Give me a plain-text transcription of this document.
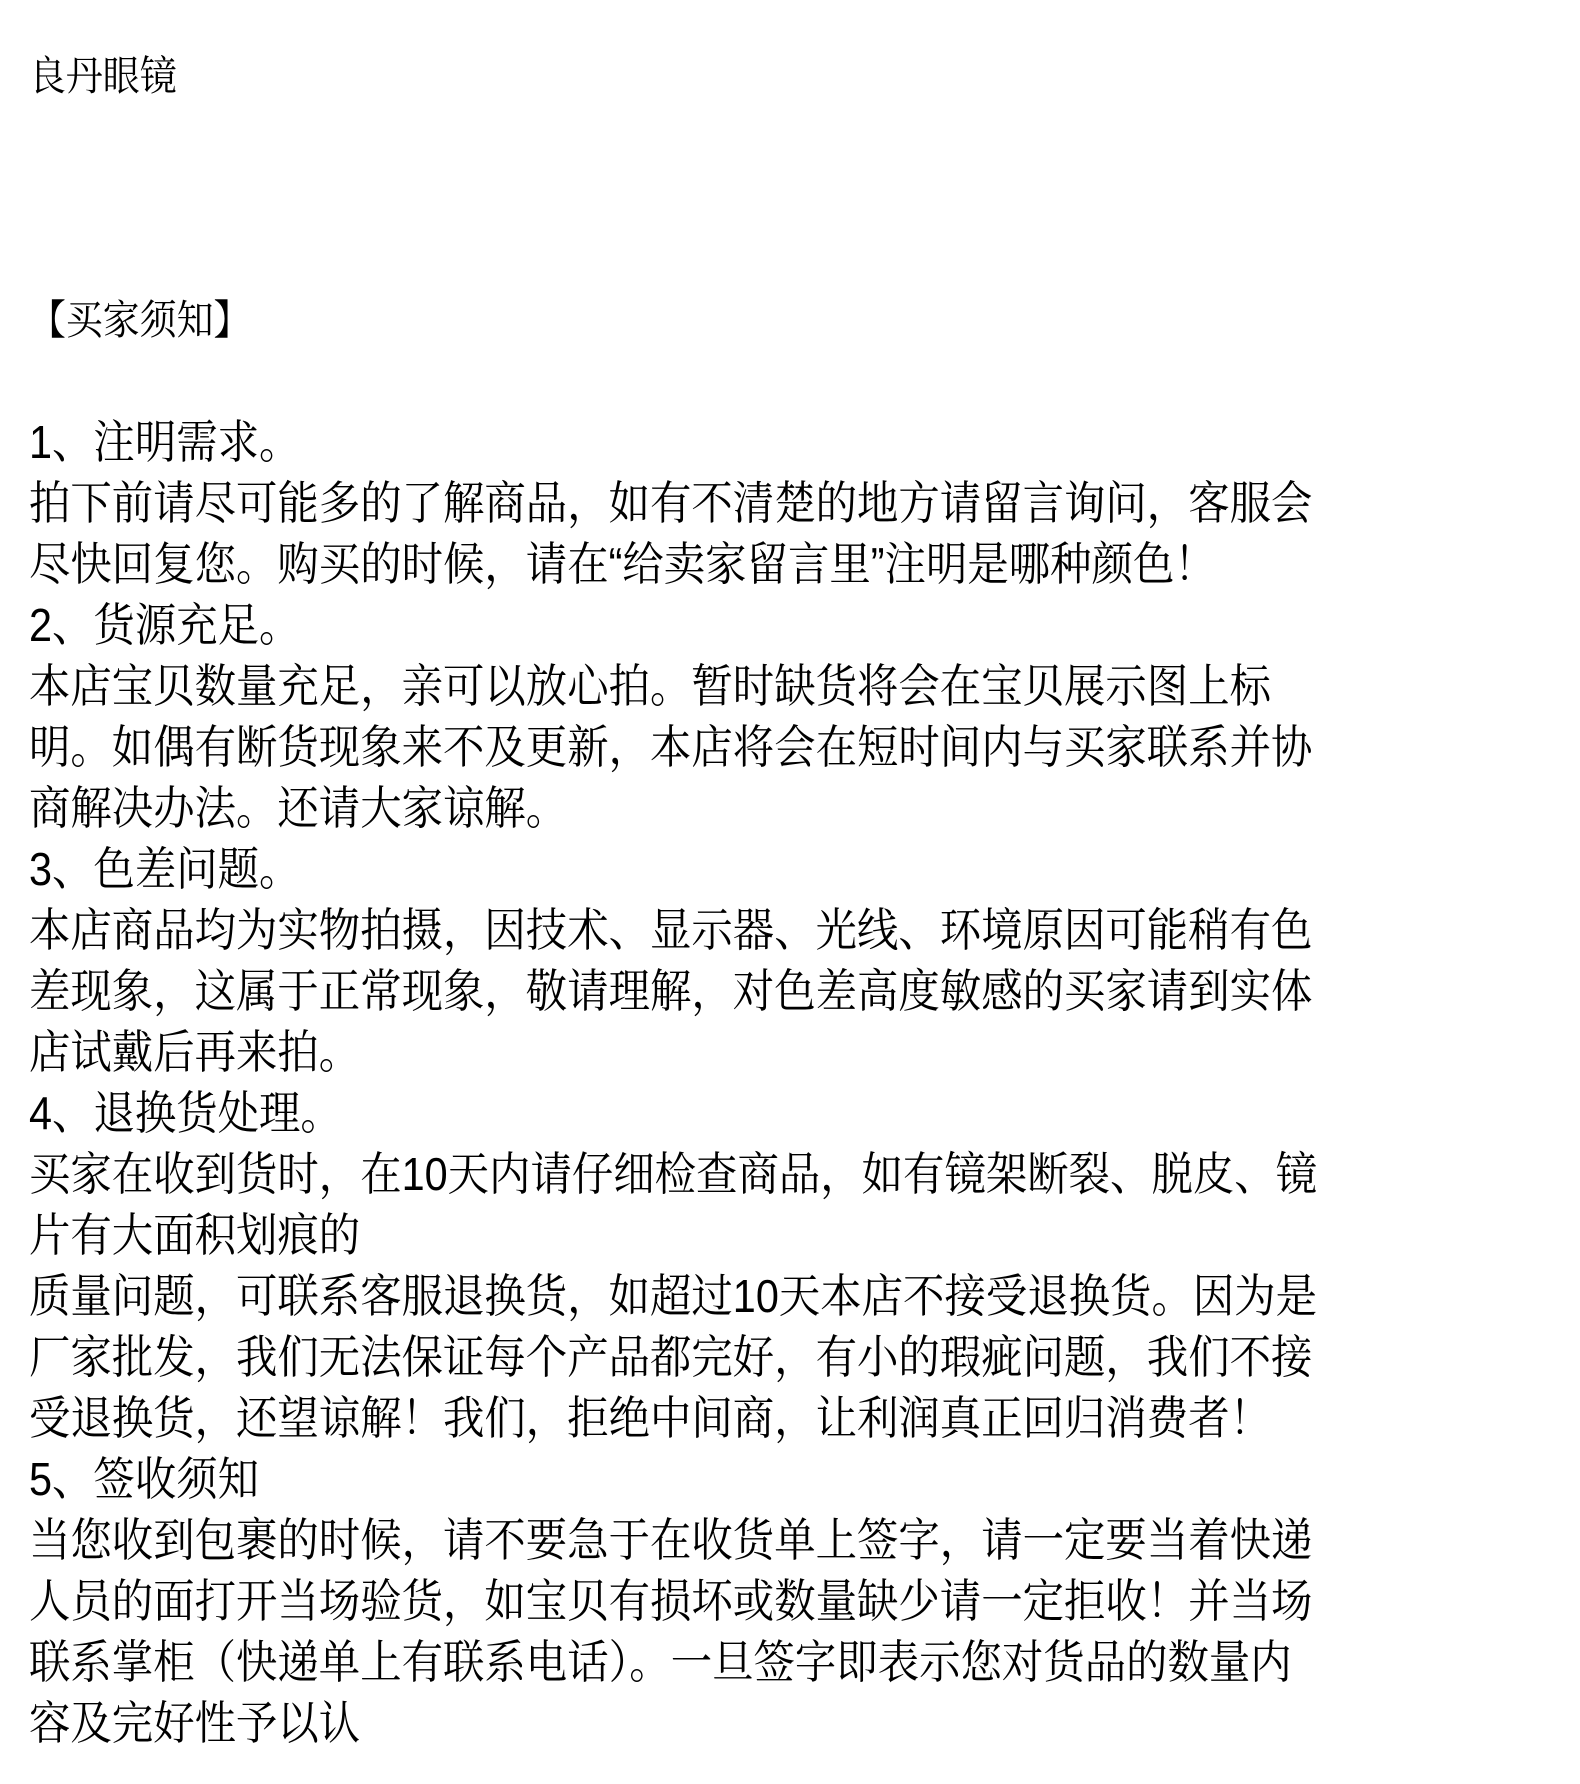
良丹眼镜
【买家须知】
1、注明需求。
拍下前请尽可能多的了解商品，如有不清楚的地方请留言询问，客服会
尽快回复您。购买的时候，请在“给卖家留言里”注明是哪种颜色！
2、货源充足。
本店宝贝数量充足，亲可以放心拍。暂时缺货将会在宝贝展示图上标
明。如偶有断货现象来不及更新，本店将会在短时间内与买家联系并协
商解决办法。还请大家谅解。
3、色差问题。
本店商品均为实物拍摄，因技术、显示器、光线、环境原因可能稍有色
差现象，这属于正常现象，敬请理解，对色差高度敏感的买家请到实体
店试戴后再来拍。
4、退换货处理。
买家在收到货时，在10天内请仔细检查商品，如有镜架断裂、脱皮、镜
片有大面积划痕的
质量问题，可联系客服退换货，如超过10天本店不接受退换货。因为是
厂家批发，我们无法保证每个产品都完好，有小的瑕疵问题，我们不接
受退换货，还望谅解！我们，拒绝中间商，让利润真正回归消费者！
5、签收须知
当您收到包裹的时候，请不要急于在收货单上签字，请一定要当着快递
人员的面打开当场验货，如宝贝有损坏或数量缺少请一定拒收！并当场
联系掌柜（快递单上有联系电话）。一旦签字即表示您对货品的数量内
容及完好性予以认
